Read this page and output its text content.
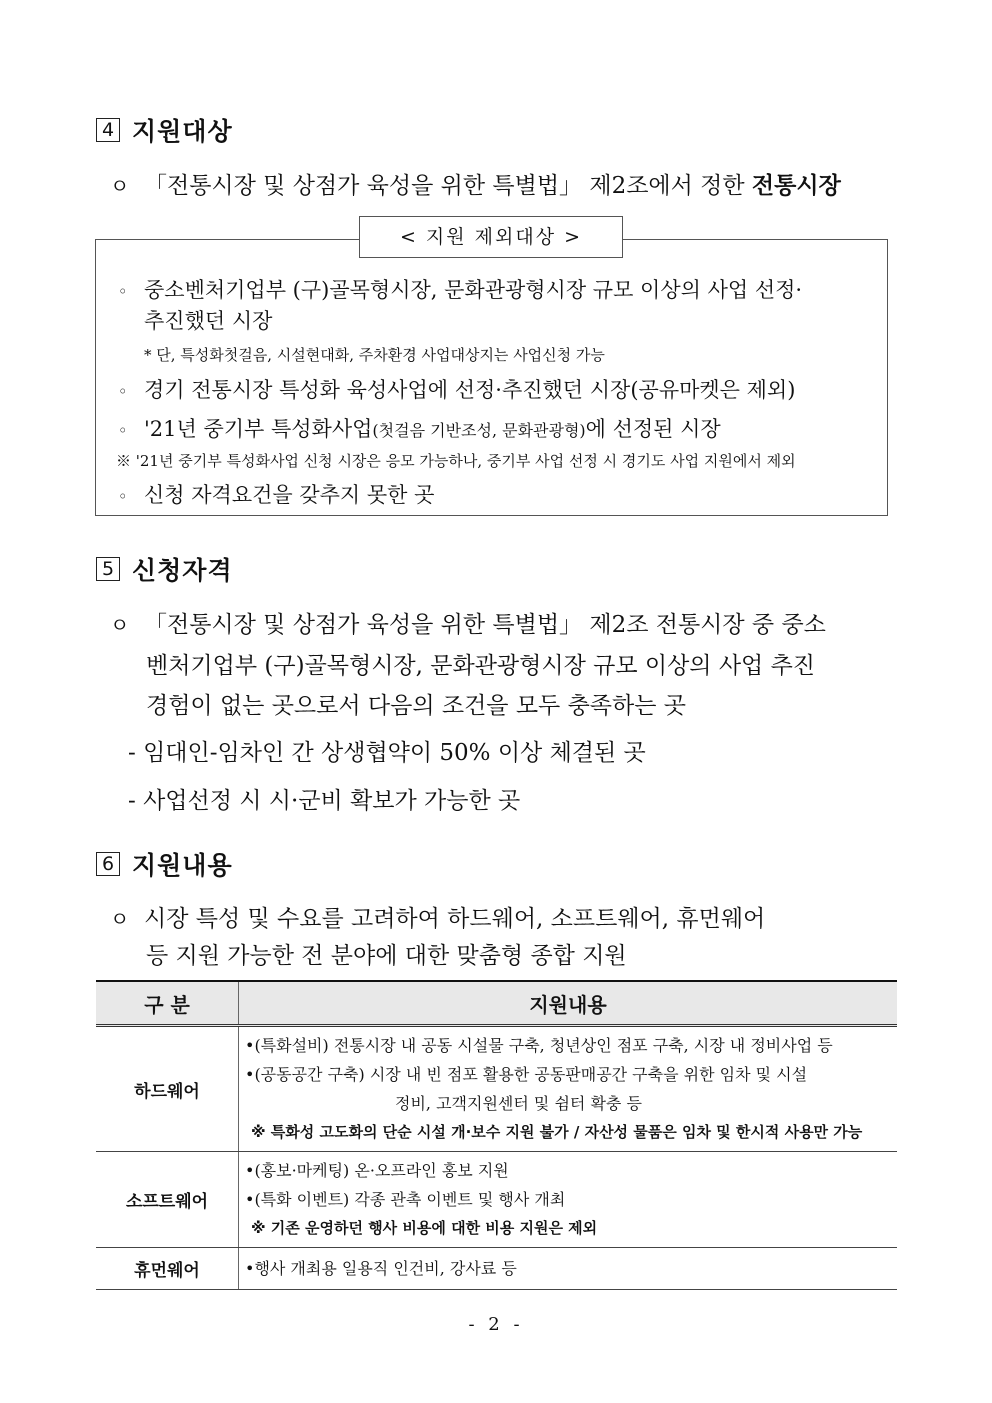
4 지원대상
ㅇ 「전통시장 및 상점가 육성을 위한 특별법」 제2조에서 정한 전통시장
< 지원 제외대상 >
◦ 중소벤처기업부 (구)골목형시장, 문화관광형시장 규모 이상의 사업 선정·
추진했던 시장
* 단, 특성화첫걸음, 시설현대화, 주차환경 사업대상지는 사업신청 가능
◦ 경기 전통시장 특성화 육성사업에 선정·추진했던 시장(공유마켓은 제외)
◦ '21년 중기부 특성화사업(첫걸음 기반조성, 문화관광형)에 선정된 시장
※ '21년 중기부 특성화사업 신청 시장은 응모 가능하나, 중기부 사업 선정 시 경기도 사업 지원에서 제외
◦ 신청 자격요건을 갖추지 못한 곳
5 신청자격
ㅇ 「전통시장 및 상점가 육성을 위한 특별법」 제2조 전통시장 중 중소
벤처기업부 (구)골목형시장, 문화관광형시장 규모 이상의 사업 추진
경험이 없는 곳으로서 다음의 조건을 모두 충족하는 곳
- 임대인-임차인 간 상생협약이 50% 이상 체결된 곳
- 사업선정 시 시·군비 확보가 가능한 곳
6 지원내용
ㅇ 시장 특성 및 수요를 고려하여 하드웨어, 소프트웨어, 휴먼웨어
등 지원 가능한 전 분야에 대한 맞춤형 종합 지원
구 분	지원내용
하드웨어	•(특화설비) 전통시장 내 공동 시설물 구축, 청년상인 점포 구축, 시장 내 정비사업 등
•(공동공간 구축) 시장 내 빈 점포 활용한 공동판매공간 구축을 위한 임차 및 시설
정비, 고객지원센터 및 쉼터 확충 등
※ 특화성 고도화의 단순 시설 개·보수 지원 불가 / 자산성 물품은 임차 및 한시적 사용만 가능

소프트웨어	•(홍보·마케팅) 온·오프라인 홍보 지원
•(특화 이벤트) 각종 관촉 이벤트 및 행사 개최
※ 기존 운영하던 행사 비용에 대한 비용 지원은 제외

휴먼웨어	•행사 개최용 일용직 인건비, 강사료 등
- 2 -
